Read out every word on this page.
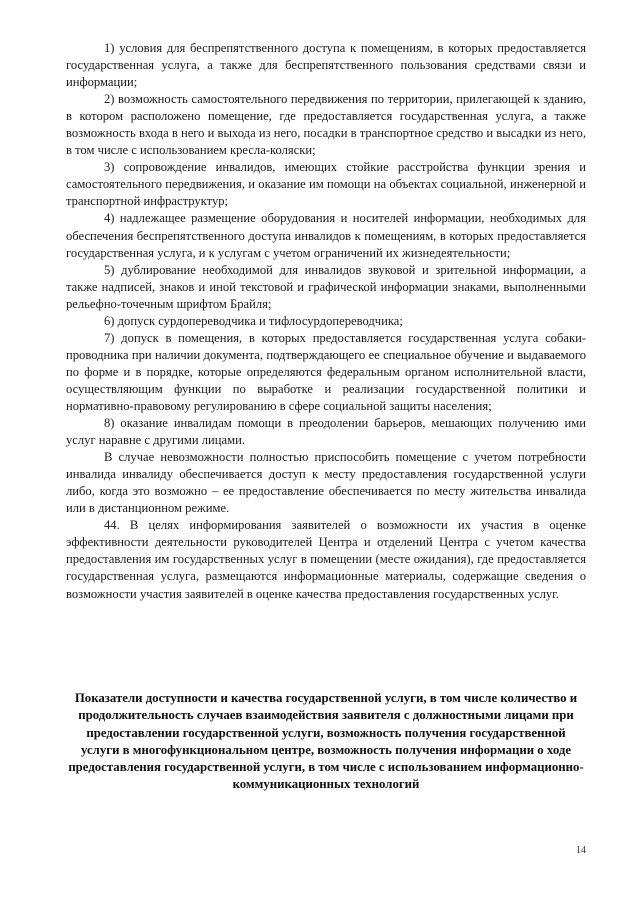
1) условия для беспрепятственного доступа к помещениям, в которых предоставляется государственная услуга, а также для беспрепятственного пользования средствами связи и информации;

2) возможность самостоятельного передвижения по территории, прилегающей к зданию, в котором расположено помещение, где предоставляется государственная услуга, а также возможность входа в него и выхода из него, посадки в транспортное средство и высадки из него, в том числе с использованием кресла-коляски;

3) сопровождение инвалидов, имеющих стойкие расстройства функции зрения и самостоятельного передвижения, и оказание им помощи на объектах социальной, инженерной и транспортной инфраструктур;

4) надлежащее размещение оборудования и носителей информации, необходимых для обеспечения беспрепятственного доступа инвалидов к помещениям, в которых предоставляется государственная услуга, и к услугам с учетом ограничений их жизнедеятельности;

5) дублирование необходимой для инвалидов звуковой и зрительной информации, а также надписей, знаков и иной текстовой и графической информации знаками, выполненными рельефно-точечным шрифтом Брайля;

6) допуск сурдопереводчика и тифлосурдопереводчика;

7) допуск в помещения, в которых предоставляется государственная услуга собаки-проводника при наличии документа, подтверждающего ее специальное обучение и выдаваемого по форме и в порядке, которые определяются федеральным органом исполнительной власти, осуществляющим функции по выработке и реализации государственной политики и нормативно-правовому регулированию в сфере социальной защиты населения;

8) оказание инвалидам помощи в преодолении барьеров, мешающих получению ими услуг наравне с другими лицами.

В случае невозможности полностью приспособить помещение с учетом потребности инвалида инвалиду обеспечивается доступ к месту предоставления государственной услуги либо, когда это возможно – ее предоставление обеспечивается по месту жительства инвалида или в дистанционном режиме.

44. В целях информирования заявителей о возможности их участия в оценке эффективности деятельности руководителей Центра и отделений Центра с учетом качества предоставления им государственных услуг в помещении (месте ожидания), где предоставляется государственная услуга, размещаются информационные материалы, содержащие сведения о возможности участия заявителей в оценке качества предоставления государственных услуг.

Показатели доступности и качества государственной услуги, в том числе количество и продолжительность случаев взаимодействия заявителя с должностными лицами при предоставлении государственной услуги, возможность получения государственной услуги в многофункциональном центре, возможность получения информации о ходе предоставления государственной услуги, в том числе с использованием информационно-коммуникационных технологий
14
